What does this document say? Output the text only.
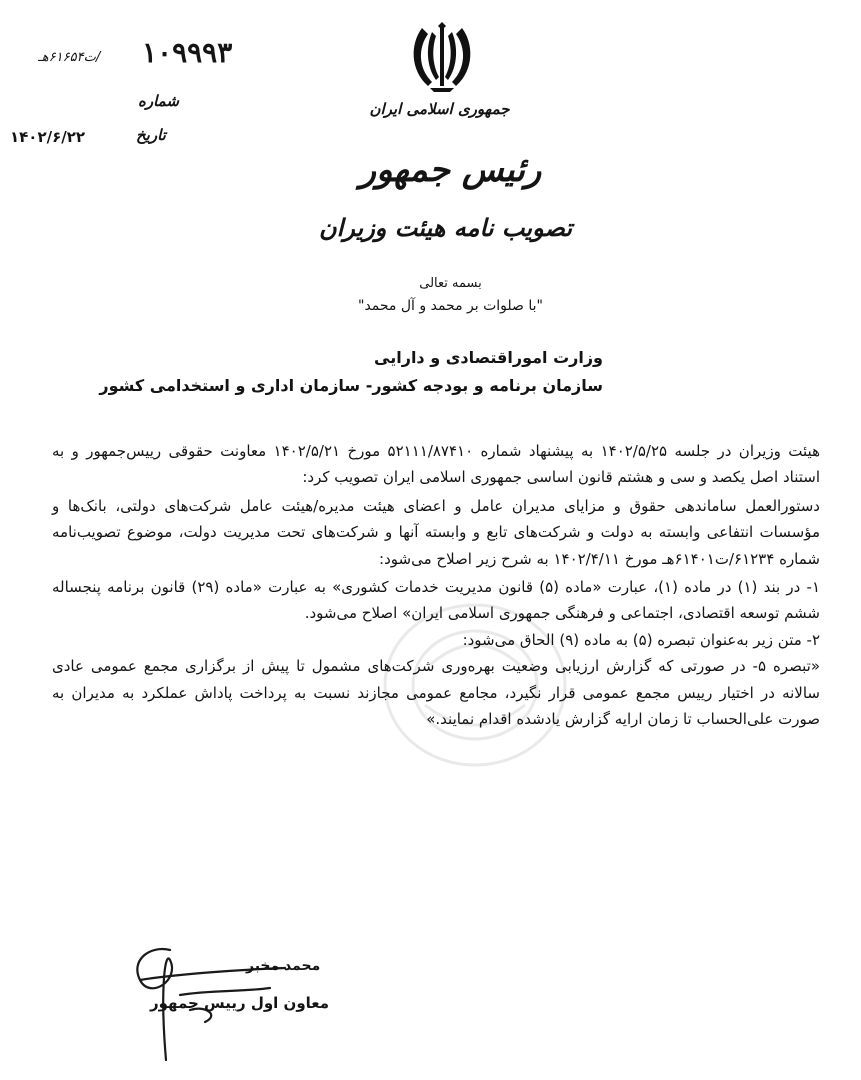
۱۰۹۹۹۳
/ت۶۱۶۵۴هـ
شماره
۱۴۰۲/۶/۲۲	تاریخ
جمهوری اسلامی ایران
رئیس جمهور
تصویب نامه هیئت وزیران
بسمه تعالی
"با صلوات بر محمد و آل محمد"
وزارت اموراقتصادی و دارایی
سازمان برنامه و بودجه کشور- سازمان اداری و استخدامی کشور

هیئت وزیران در جلسه ۱۴۰۲/۵/۲۵ به پیشنهاد شماره ۵۲۱۱۱/۸۷۴۱۰ مورخ ۱۴۰۲/۵/۲۱ معاونت حقوقی رییس‌جمهور و به استناد اصل یکصد و سی و هشتم قانون اساسی جمهوری اسلامی ایران تصویب کرد:

دستورالعمل ساماندهی حقوق و مزایای مدیران عامل و اعضای هیئت مدیره/هیئت عامل شرکت‌های دولتی، بانک‌ها و مؤسسات انتفاعی وابسته به دولت و شرکت‌های تابع و وابسته آنها و شرکت‌های تحت مدیریت دولت، موضوع تصویب‌نامه شماره ۶۱۲۳۴/ت۶۱۴۰۱هـ مورخ ۱۴۰۲/۴/۱۱ به شرح زیر اصلاح می‌شود:

۱- در بند (۱) در ماده (۱)، عبارت «ماده (۵) قانون مدیریت خدمات کشوری» به عبارت «ماده (۲۹) قانون برنامه پنجساله ششم توسعه اقتصادی، اجتماعی و فرهنگی جمهوری اسلامی ایران» اصلاح می‌شود.

۲- متن زیر به‌عنوان تبصره (۵) به ماده (۹) الحاق می‌شود:

«تبصره ۵- در صورتی که گزارش ارزیابی وضعیت بهره‌وری شرکت‌های مشمول تا پیش از برگزاری مجمع عمومی عادی سالانه در اختیار رییس مجمع عمومی قرار نگیرد، مجامع عمومی مجازند نسبت به پرداخت پاداش عملکرد به مدیران به صورت علی‌الحساب تا زمان ارایه گزارش یادشده اقدام نمایند.»

محمد مخبر
معاون اول رییس جمهور
